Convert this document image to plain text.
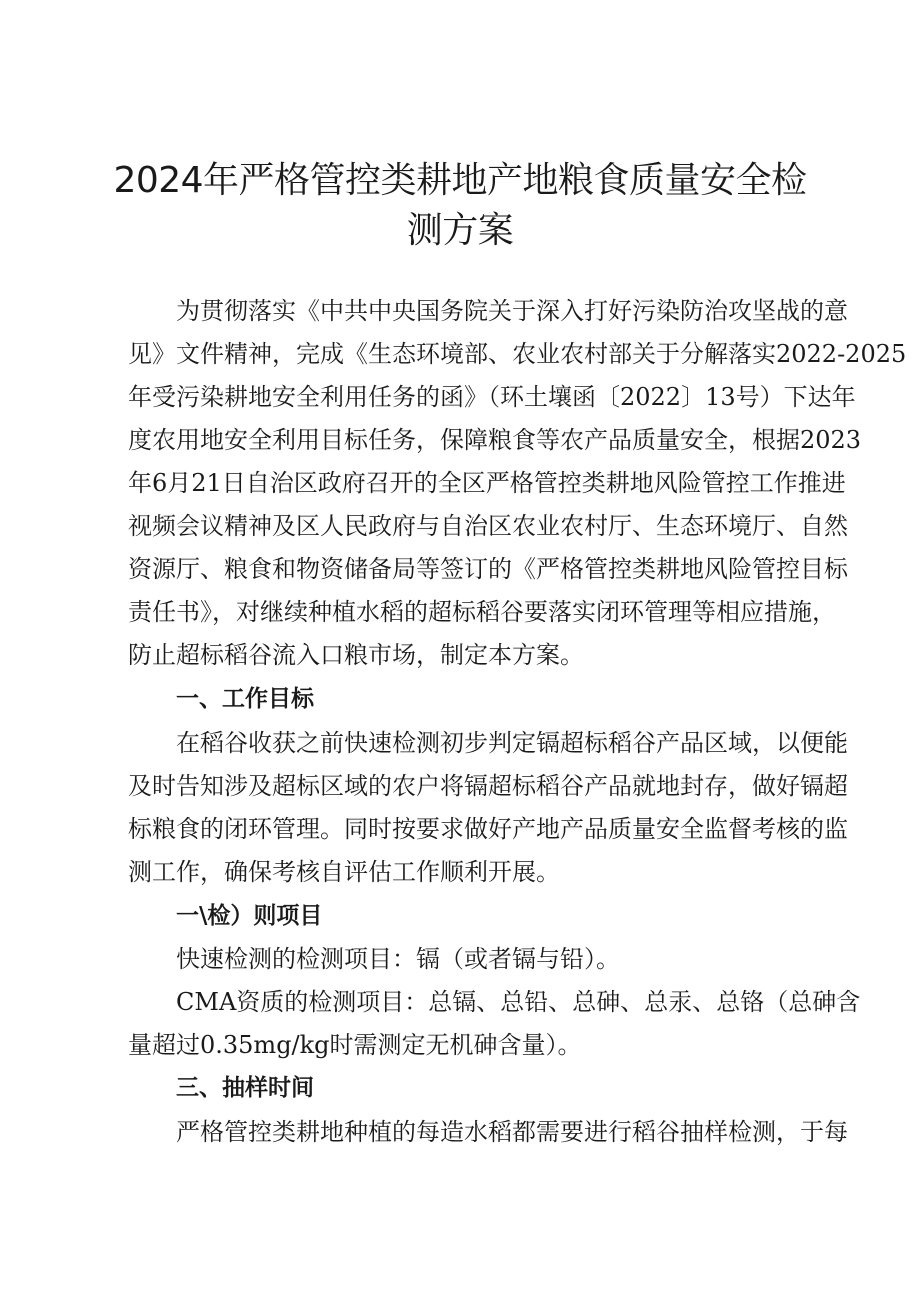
2024年严格管控类耕地产地粮食质量安全检
测方案

为贯彻落实《中共中央国务院关于深入打好污染防治攻坚战的意

见》文件精神，完成《生态环境部、农业农村部关于分解落实2022-2025

年受污染耕地安全利用任务的函》（环土壤函〔2022〕13号）下达年

度农用地安全利用目标任务，保障粮食等农产品质量安全，根据2023

年6月21日自治区政府召开的全区严格管控类耕地风险管控工作推进

视频会议精神及区人民政府与自治区农业农村厅、生态环境厅、自然

资源厅、粮食和物资储备局等签订的《严格管控类耕地风险管控目标

责任书》，对继续种植水稻的超标稻谷要落实闭环管理等相应措施，

防止超标稻谷流入口粮市场，制定本方案。

一、工作目标

在稻谷收获之前快速检测初步判定镉超标稻谷产品区域，以便能

及时告知涉及超标区域的农户将镉超标稻谷产品就地封存，做好镉超

标粮食的闭环管理。同时按要求做好产地产品质量安全监督考核的监

测工作，确保考核自评估工作顺利开展。

一\检）则项目

快速检测的检测项目：镉（或者镉与铅）。

CMA资质的检测项目：总镉、总铅、总砷、总汞、总铬（总砷含

量超过0.35mg/kg时需测定无机砷含量）。

三、抽样时间

严格管控类耕地种植的每造水稻都需要进行稻谷抽样检测，于每
